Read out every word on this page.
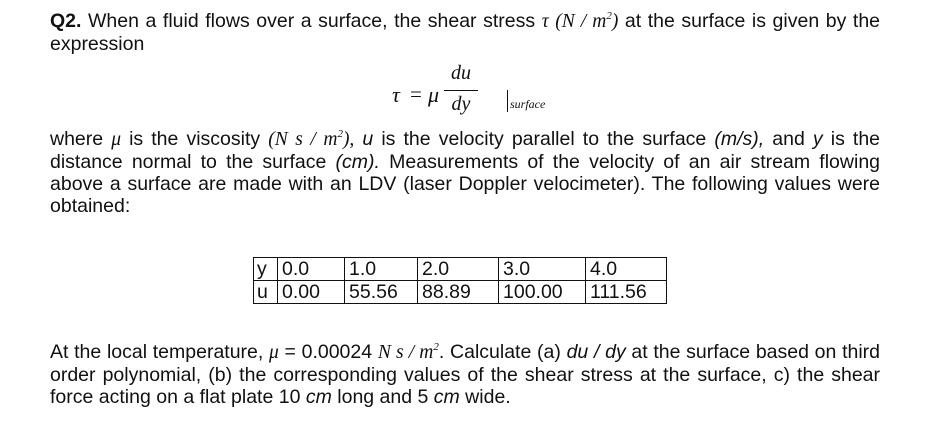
Q2. When a fluid flows over a surface, the shear stress τ $(N / m^2)$ at the surface is given by the expression
τ = μ
du
dy	surface
where μ is the viscosity (N s / $m^2$), u is the velocity parallel to the surface (m/s), and y is the distance normal to the surface (cm). Measurements of the velocity of an air stream flowing above a surface are made with an LDV (laser Doppler velocimeter). The following values were obtained:
y	0.0	1.0	2.0	3.0	4.0
u	0.00	55.56	88.89	100.00	111.56
At the local temperature, μ = 0.00024 N s / $m^2$. Calculate (a) du / dy at the surface based on third order polynomial, (b) the corresponding values of the shear stress at the surface, c) the shear force acting on a flat plate 10 cm long and 5 cm wide.
